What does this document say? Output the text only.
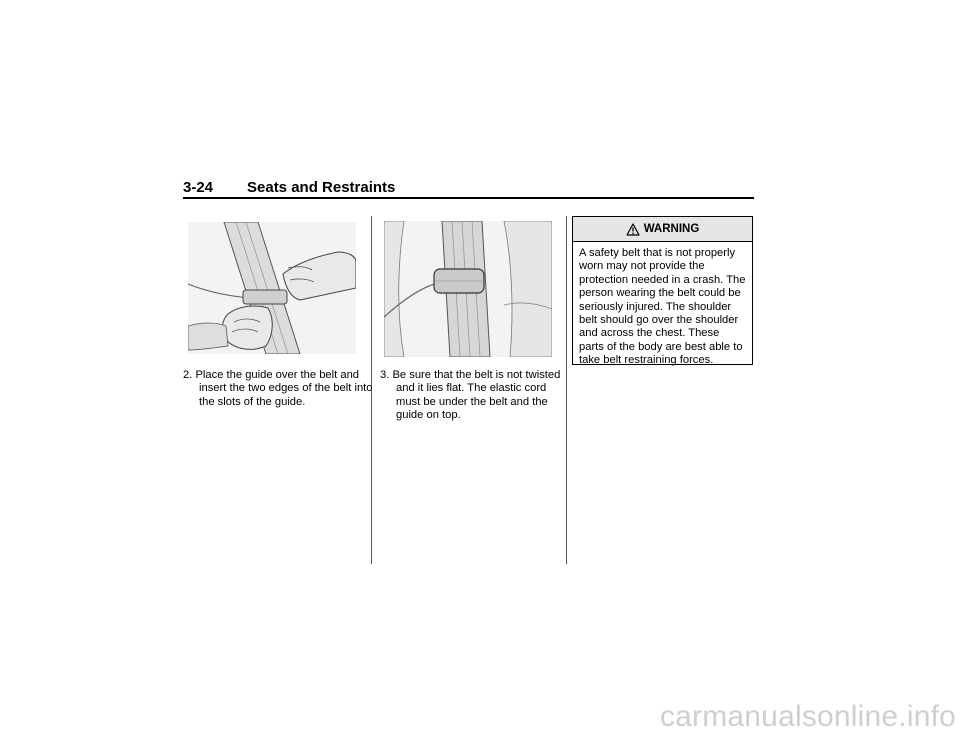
3-24 Seats and Restraints
2. Place the guide over the belt and insert the two edges of the belt into the slots of the guide.
3. Be sure that the belt is not twisted and it lies flat. The elastic cord must be under the belt and the guide on top.
WARNING
A safety belt that is not properly worn may not provide the protection needed in a crash. The person wearing the belt could be seriously injured. The shoulder belt should go over the shoulder and across the chest. These parts of the body are best able to take belt restraining forces.
carmanualsonline.info
